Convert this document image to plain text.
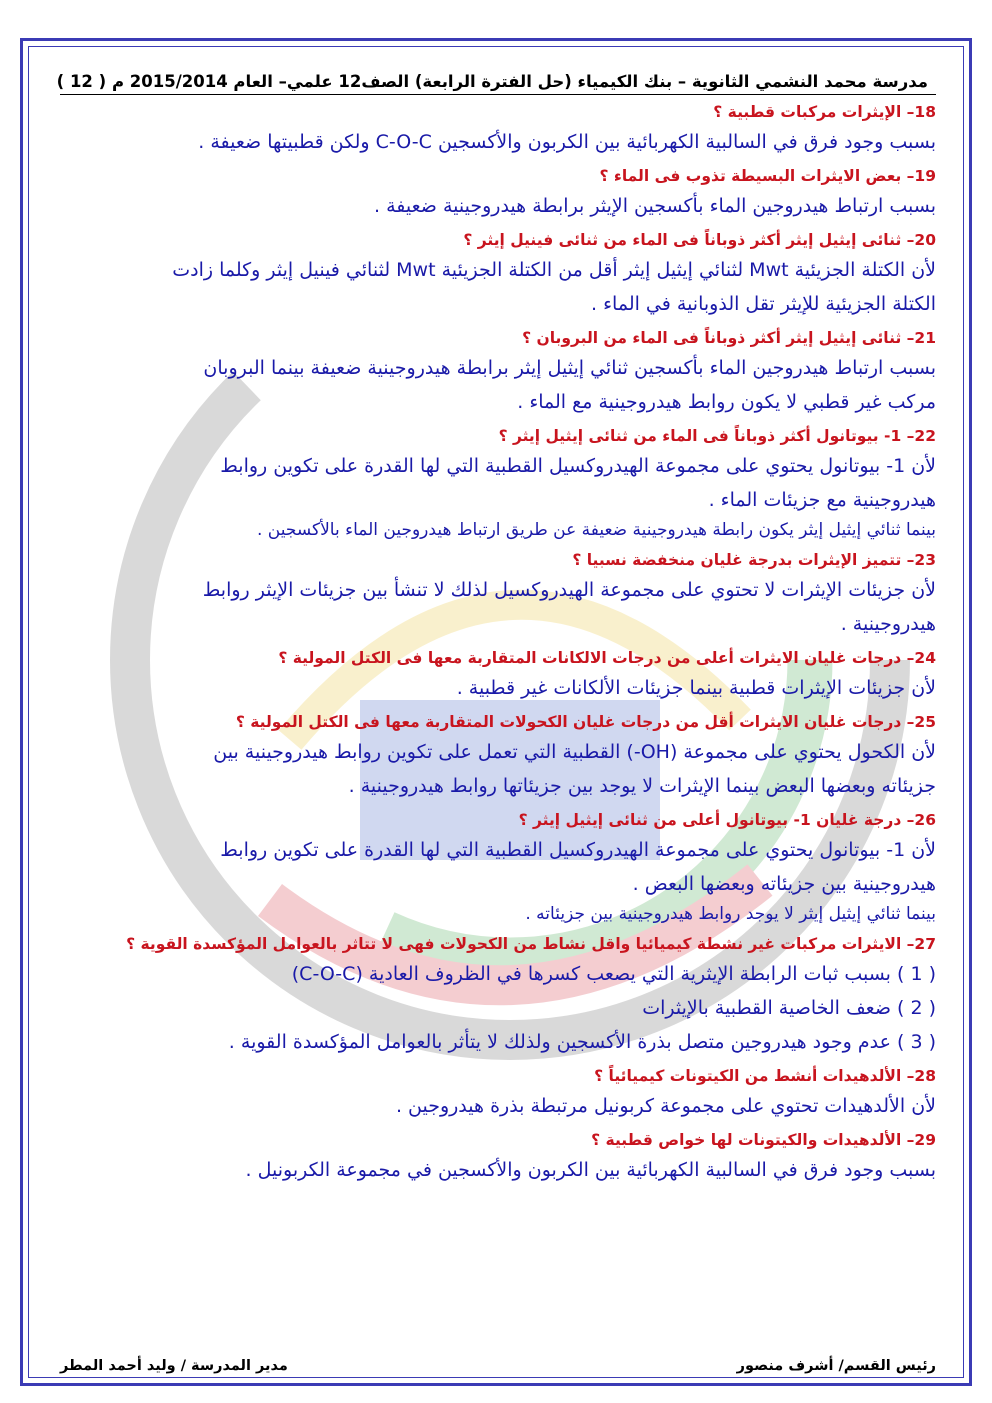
مدرسة محمد النشمي الثانوية – بنك الكيمياء (حل الفترة الرابعة) الصف12 علمي– العام 2015/2014 م ( 12 )
18– الإيثرات مركبات قطبية ؟
بسبب وجود فرق في السالبية الكهربائية بين الكربون والأكسجين C-O-C ولكن قطبيتها ضعيفة .
19– بعض الايثرات البسيطة تذوب فى الماء ؟
بسبب ارتباط هيدروجين الماء بأكسجين الإيثر برابطة هيدروجينية ضعيفة .
20– ثنائى إيثيل إيثر أكثر ذوباناً فى الماء من ثنائى فينيل إيثر ؟
لأن الكتلة الجزيئية Mwt لثنائي إيثيل إيثر أقل من الكتلة الجزيئية Mwt لثنائي فينيل إيثر وكلما زادت
الكتلة الجزيئية للإيثر تقل الذوبانية في الماء .
21– ثنائى إيثيل إيثر أكثر ذوباناً فى الماء من البروبان ؟
بسبب ارتباط هيدروجين الماء بأكسجين ثنائي إيثيل إيثر برابطة هيدروجينية ضعيفة بينما البروبان
مركب غير قطبي لا يكون روابط هيدروجينية مع الماء .
22– 1- بيوتانول أكثر ذوباناً فى الماء من ثنائى إيثيل إيثر ؟
لأن 1- بيوتانول يحتوي على مجموعة الهيدروكسيل القطبية التي لها القدرة على تكوين روابط
هيدروجينية مع جزيئات الماء .
بينما ثنائي إيثيل إيثر يكون رابطة هيدروجينية ضعيفة عن طريق ارتباط هيدروجين الماء بالأكسجين .
23– تتميز الإيثرات بدرجة غليان منخفضة نسبيا ؟
لأن جزيئات الإيثرات لا تحتوي على مجموعة الهيدروكسيل لذلك لا تنشأ بين جزيئات الإيثر روابط
هيدروجينية .
24– درجات غليان الايثرات أعلى من درجات الالكانات المتقاربة معها فى الكتل المولية ؟
لأن جزيئات الإيثرات قطبية بينما جزيئات الألكانات غير قطبية .
25– درجات غليان الايثرات أقل من درجات غليان الكحولات المتقاربة معها فى الكتل المولية ؟
لأن الكحول يحتوي على مجموعة (OH-) القطبية التي تعمل على تكوين روابط هيدروجينية بين
جزيئاته وبعضها البعض بينما الإيثرات لا يوجد بين جزيئاتها روابط هيدروجينية .
26– درجة غليان 1- بيوتانول أعلى من ثنائى إيثيل إيثر ؟
لأن 1- بيوتانول يحتوي على مجموعة الهيدروكسيل القطبية التي لها القدرة على تكوين روابط
هيدروجينية بين جزيئاته وبعضها البعض .
بينما ثنائي إيثيل إيثر لا يوجد روابط هيدروجينية بين جزيئاته .
27– الايثرات مركبات غير نشطة كيميائيا واقل نشاط من الكحولات فهى لا تتاثر بالعوامل المؤكسدة القوية ؟
( 1 ) بسبب ثبات الرابطة الإيثرية التي يصعب كسرها في الظروف العادية (C-O-C)
( 2 ) ضعف الخاصية القطبية بالإيثرات
( 3 ) عدم وجود هيدروجين متصل بذرة الأكسجين ولذلك لا يتأثر بالعوامل المؤكسدة القوية .
28– الألدهيدات أنشط من الكيتونات كيميائياً ؟
لأن الألدهيدات تحتوي على مجموعة كربونيل مرتبطة بذرة هيدروجين .
29– الألدهيدات والكيتونات لها خواص قطبية ؟
بسبب وجود فرق في السالبية الكهربائية بين الكربون والأكسجين في مجموعة الكربونيل .
رئيس القسم/ أشرف منصور
مدير المدرسة / وليد أحمد المطر
